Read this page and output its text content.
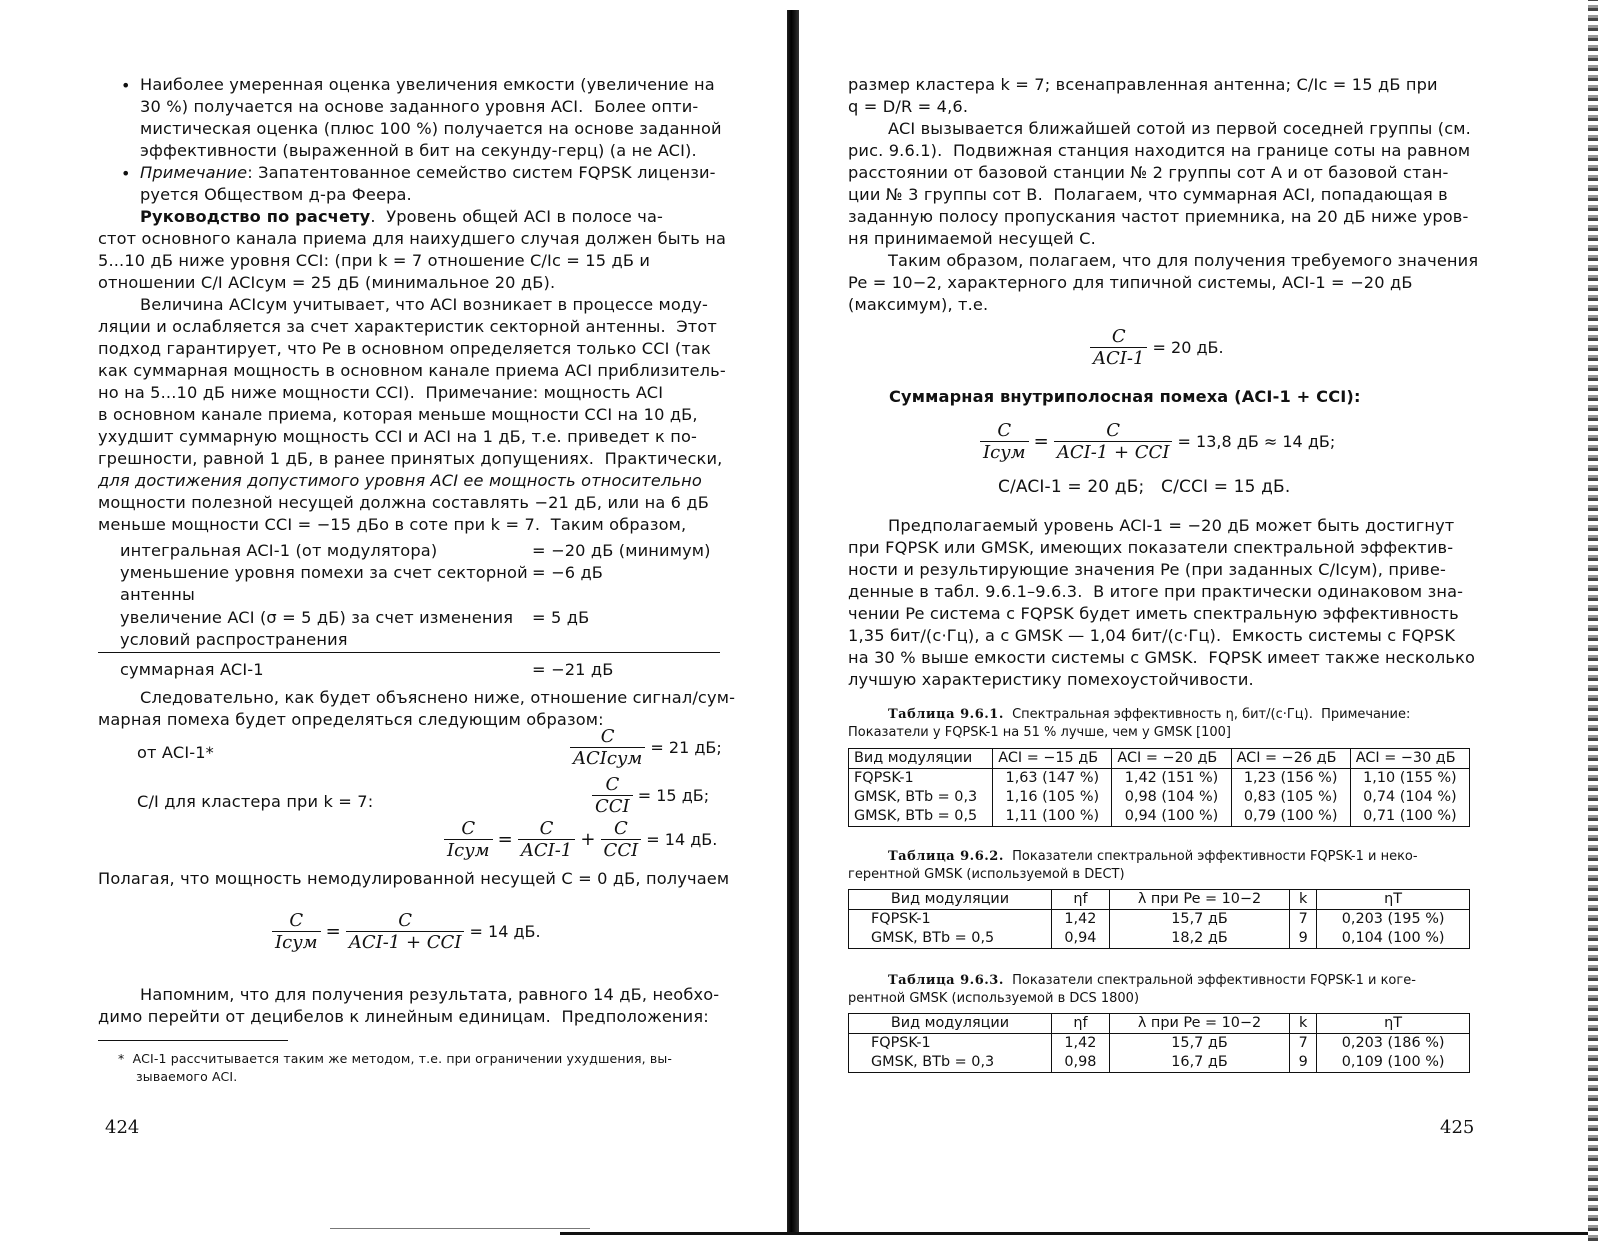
• Наиболее умеренная оценка увеличения емкости (увеличение на
30 %) получается на основе заданного уровня ACI.  Более опти-
мистическая оценка (плюс 100 %) получается на основе заданной
эффективности (выраженной в бит на секунду-герц) (а не ACI).
• Примечание: Запатентованное семейство систем FQPSK лицензи-
руется Обществом д-ра Феера.
Руководство по расчету.  Уровень общей ACI в полосе ча-
стот основного канала приема для наихудшего случая должен быть на
5...10 дБ ниже уровня CCI: (при k = 7 отношение C/Iс = 15 дБ и
отношении C/I ACIсум = 25 дБ (минимальное 20 дБ).
Величина ACIсум учитывает, что ACI возникает в процессе моду-
ляции и ослабляется за счет характеристик секторной антенны.  Этот
подход гарантирует, что Pe в основном определяется только CCI (так
как суммарная мощность в основном канале приема ACI приблизитель-
но на 5...10 дБ ниже мощности CCI).  Примечание: мощность ACI
в основном канале приема, которая меньше мощности CCI на 10 дБ,
ухудшит суммарную мощность CCI и ACI на 1 дБ, т.е. приведет к по-
грешности, равной 1 дБ, в ранее принятых допущениях.  Практически,
для достижения допустимого уровня ACI ее мощность относительно
мощности полезной несущей должна составлять −21 дБ, или на 6 дБ
меньше мощности CCI = −15 дБо в соте при k = 7.  Таким образом,
интегральная ACI-1 (от модулятора)	= −20 дБ (минимум)
уменьшение уровня помехи за счет секторной
антенны
= −6 дБ
увеличение ACI (σ = 5 дБ) за счет изменения
условий распространения
= 5 дБ
суммарная ACI-1	= −21 дБ
Следовательно, как будет объяснено ниже, отношение сигнал/сум-
марная помеха будет определяться следующим образом:
от ACI-1*	$\frac{C}{\text{ACIсум}} = 21$ дБ;
C/I для кластера при k = 7:	$\frac{C}{\text{CCI}} = 15$ дБ;
$\frac{C}{\text{Iсум}} = \frac{C}{\text{ACI-1}} + \frac{C}{\text{CCI}} = 14$ дБ.
Полагая, что мощность немодулированной несущей C = 0 дБ, получаем
$\frac{C}{\text{Iсум}} = \frac{C}{\text{ACI-1 + CCI}} = 14$ дБ.
Напомним, что для получения результата, равного 14 дБ, необхо-
димо перейти от децибелов к линейным единицам.  Предположения:
*  ACI-1 рассчитывается таким же методом, т.е. при ограничении ухудшения, вы-
зываемого ACI.
424
размер кластера k = 7; всенаправленная антенна; C/Iс = 15 дБ при
q = D/R = 4,6.
ACI вызывается ближайшей сотой из первой соседней группы (см.
рис. 9.6.1).  Подвижная станция находится на границе соты на равном
расстоянии от базовой станции № 2 группы сот A и от базовой стан-
ции № 3 группы сот B.  Полагаем, что суммарная ACI, попадающая в
заданную полосу пропускания частот приемника, на 20 дБ ниже уров-
ня принимаемой несущей C.
Таким образом, полагаем, что для получения требуемого значения
Pe = 10−2, характерного для типичной системы, ACI-1 = −20 дБ
(максимум), т.е.
$\frac{C}{\text{ACI-1}} = 20$ дБ.
Суммарная внутриполосная помеха (ACI-1 + CCI):
$\frac{C}{\text{Iсум}} = \frac{C}{\text{ACI-1 + CCI}} = 13,8$ дБ ≈ 14 дБ;
C/ACI-1 = 20 дБ;   C/CCI = 15 дБ.
Предполагаемый уровень ACI-1 = −20 дБ может быть достигнут
при FQPSK или GMSK, имеющих показатели спектральной эффектив-
ности и результирующие значения Pe (при заданных C/Iсум), приве-
денные в табл. 9.6.1–9.6.3.  В итоге при практически одинаковом зна-
чении Pe система с FQPSK будет иметь спектральную эффективность
1,35 бит/(с·Гц), а с GMSK — 1,04 бит/(с·Гц).  Емкость системы с FQPSK
на 30 % выше емкости системы с GMSK.  FQPSK имеет также несколько
лучшую характеристику помехоустойчивости.
Таблица 9.6.1.  Спектральная эффективность η, бит/(с·Гц).  Примечание:
Показатели у FQPSK-1 на 51 % лучше, чем у GMSK [100]
Вид модуляции	ACI = −15 дБ	ACI = −20 дБ	ACI = −26 дБ	ACI = −30 дБ
FQPSK-1	1,63 (147 %)	1,42 (151 %)	1,23 (156 %)	1,10 (155 %)
GMSK, BTb = 0,3	1,16 (105 %)	0,98 (104 %)	0,83 (105 %)	0,74 (104 %)
GMSK, BTb = 0,5	1,11 (100 %)	0,94 (100 %)	0,79 (100 %)	0,71 (100 %)
Таблица 9.6.2.  Показатели спектральной эффективности FQPSK-1 и неко-
герентной GMSK (используемой в DECT)
Вид модуляции	ηf	λ при Pe = 10−2	k	ηT
FQPSK-1	1,42	15,7 дБ	7	0,203 (195 %)
GMSK, BTb = 0,5	0,94	18,2 дБ	9	0,104 (100 %)
Таблица 9.6.3.  Показатели спектральной эффективности FQPSK-1 и коге-
рентной GMSK (используемой в DCS 1800)
Вид модуляции	ηf	λ при Pe = 10−2	k	ηT
FQPSK-1	1,42	15,7 дБ	7	0,203 (186 %)
GMSK, BTb = 0,3	0,98	16,7 дБ	9	0,109 (100 %)
425
